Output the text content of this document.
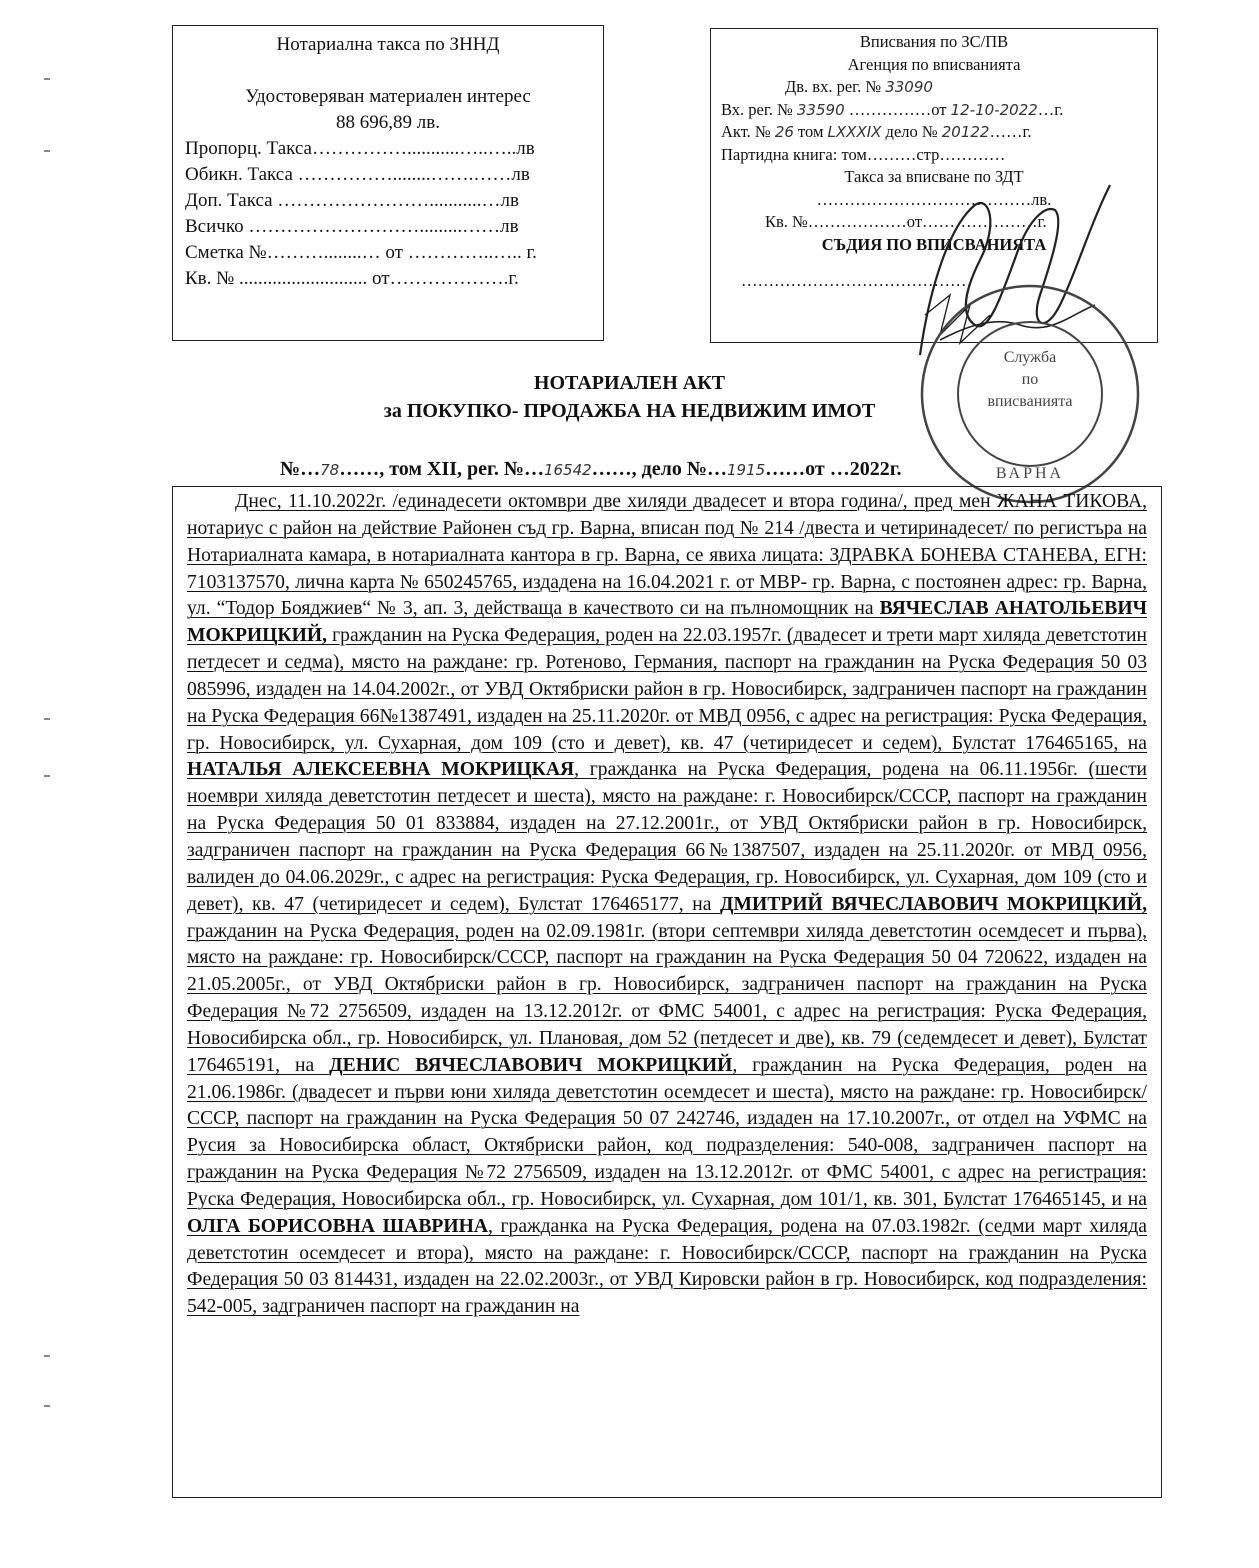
Нотариална такса по ЗННД
Удостоверяван материален интерес
88 696,89 лв.
Пропорц. Такса……………...........…..…..лв
Обикн. Такса ……………........…….……лв
Доп. Такса ……………………...........…лв
Всичко ……………………….........……лв
Сметка №………........… от …………..….. г.
Кв. № ........................... от……………….г.
Вписвания по ЗС/ПВ
Агенция по вписванията
Дв. вх. рег. № 33090
Вх. рег. № 33590 ……………от 12-10-2022…г.
Акт. № 26 том LXXXIX дело № 20122……г.
Партидна книга: том………стр…………
Такса за вписване по ЗДТ
…………………………………лв.
Кв. №………………от…………………г.
СЪДИЯ ПО ВПИСВАНИЯТА
……………………………………
Служба
по
вписванията
ВАРНА
НОТАРИАЛЕН АКТ
за ПОКУПКО- ПРОДАЖБА НА НЕДВИЖИМ ИМОТ
№…78……, том XII, рег. №…16542……, дело №…1915……от …2022г.

Днес, 11.10.2022г. /единадесети октомври две хиляди двадесет и втора година/, пред мен ЖАНА ТИКОВА, нотариус с район на действие Районен съд гр. Варна, вписан под № 214 /двеста и четиринадесет/ по регистъра на Нотариалната камара, в нотариалната кантора в гр. Варна, се явиха лицата: ЗДРАВКА БОНЕВА СТАНЕВА, ЕГН: 7103137570, лична карта № 650245765, издадена на 16.04.2021 г. от МВР- гр. Варна, с постоянен адрес: гр. Варна, ул. “Тодор Бояджиев“ № 3, ап. 3, действаща в качеството си на пълномощник на ВЯЧЕСЛАВ АНАТОЛЬЕВИЧ МОКРИЦКИЙ, гражданин на Руска Федерация, роден на 22.03.1957г. (двадесет и трети март хиляда деветстотин петдесет и седма), място на раждане: гр. Ротеново, Германия, паспорт на гражданин на Руска Федерация 50 03 085996, издаден на 14.04.2002г., от УВД Октябриски район в гр. Новосибирск, задграничен паспорт на гражданин на Руска Федерация 66№1387491, издаден на 25.11.2020г. от МВД 0956, с адрес на регистрация: Руска Федерация, гр. Новосибирск, ул. Сухарная, дом 109 (сто и девет), кв. 47 (четиридесет и седем), Булстат 176465165, на НАТАЛЬЯ АЛЕКСЕЕВНА МОКРИЦКАЯ, гражданка на Руска Федерация, родена на 06.11.1956г. (шести ноември хиляда деветстотин петдесет и шеста), място на раждане: г. Новосибирск/СССР, паспорт на гражданин на Руска Федерация 50 01 833884, издаден на 27.12.2001г., от УВД Октябриски район в гр. Новосибирск, задграничен паспорт на гражданин на Руска Федерация 66№1387507, издаден на 25.11.2020г. от МВД 0956, валиден до 04.06.2029г., с адрес на регистрация: Руска Федерация, гр. Новосибирск, ул. Сухарная, дом 109 (сто и девет), кв. 47 (четиридесет и седем), Булстат 176465177, на ДМИТРИЙ ВЯЧЕСЛАВОВИЧ МОКРИЦКИЙ, гражданин на Руска Федерация, роден на 02.09.1981г. (втори септември хиляда деветстотин осемдесет и първа), място на раждане: гр. Новосибирск/СССР, паспорт на гражданин на Руска Федерация 50 04 720622, издаден на 21.05.2005г., от УВД Октябриски район в гр. Новосибирск, задграничен паспорт на гражданин на Руска Федерация №72 2756509, издаден на 13.12.2012г. от ФМС 54001, с адрес на регистрация: Руска Федерация, Новосибирска обл., гр. Новосибирск, ул. Плановая, дом 52 (петдесет и две), кв. 79 (седемдесет и девет), Булстат 176465191, на ДЕНИС ВЯЧЕСЛАВОВИЧ МОКРИЦКИЙ, гражданин на Руска Федерация, роден на 21.06.1986г. (двадесет и първи юни хиляда деветстотин осемдесет и шеста), място на раждане: гр. Новосибирск/СССР, паспорт на гражданин на Руска Федерация 50 07 242746, издаден на 17.10.2007г., от отдел на УФМС на Русия за Новосибирска област, Октябриски район, код подразделения: 540-008, задграничен паспорт на гражданин на Руска Федерация №72 2756509, издаден на 13.12.2012г. от ФМС 54001, с адрес на регистрация: Руска Федерация, Новосибирска обл., гр. Новосибирск, ул. Сухарная, дом 101/1, кв. 301, Булстат 176465145, и на ОЛГА БОРИСОВНА ШАВРИНА, гражданка на Руска Федерация, родена на 07.03.1982г. (седми март хиляда деветстотин осемдесет и втора), място на раждане: г. Новосибирск/СССР, паспорт на гражданин на Руска Федерация 50 03 814431, издаден на 22.02.2003г., от УВД Кировски район в гр. Новосибирск, код подразделения: 542-005, задграничен паспорт на гражданин на
